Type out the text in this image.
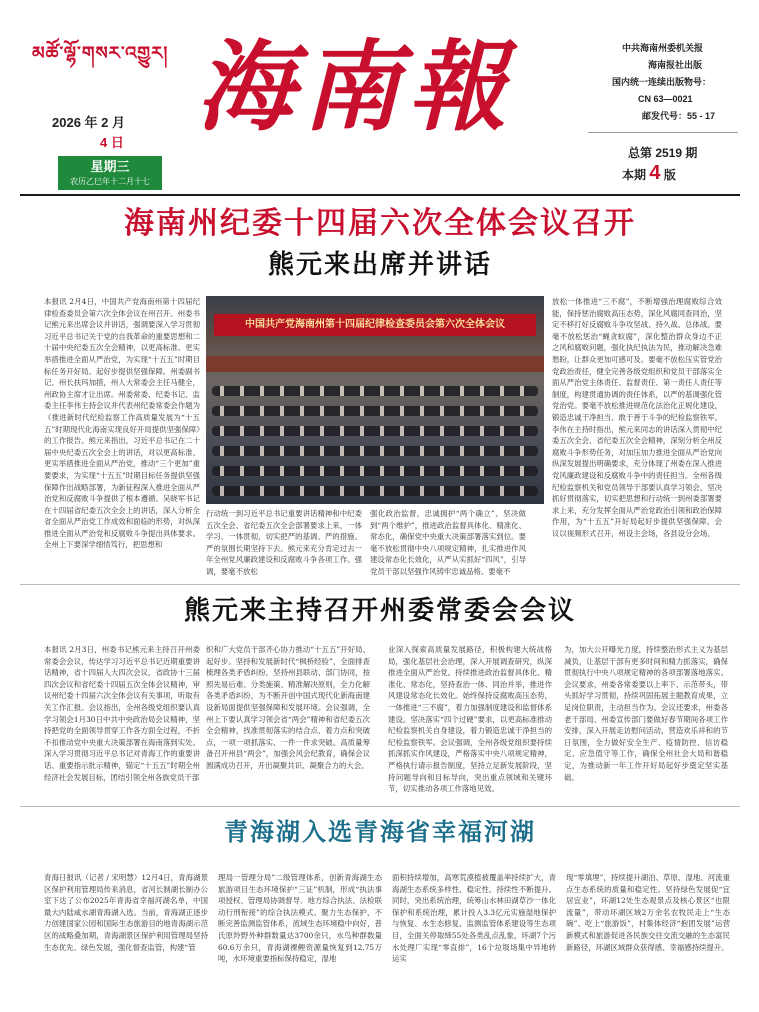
མཚོ་ལྷོ་གསར་འགྱུར། 海南報
2026 年 2 月
4 日
星期三
农历乙巳年十二月十七
中共海南州委机关报
海南报社出版
国内统一连续出版物号：
CN 63—0021
邮发代号：55 - 17
总第 2519 期
本期 4 版
海南州纪委十四届六次全体会议召开
熊元来出席并讲话
本报讯 2月4日，中国共产党海南州第十四届纪律检查委员会第六次全体会议在州召开。州委书记熊元来出席会议并讲话，强调要深入学习贯彻习近平总书记关于党的自我革命的重要思想和二十届中央纪委五次全会精神，以更高标准、更实举措推进全面从严治党，为实现“十五五”时期目标任务开好局、起好步提供坚强保障。州委副书记、州长扶玛加措，州人大常委会主任马健全，州政协主席才让出席。州委常委、纪委书记、监委主任李伟主持会议并代表州纪委常委会作题为《推进新时代纪检监察工作高质量发展为“十五五”时期现代化海南实现良好开局提供坚强保障》的工作报告。熊元来指出，习近平总书记在二十届中央纪委五次全会上的讲话，对以更高标准、更实举措推进全面从严治党，推动“三个更加”重要要求，为实现“十五五”时期目标任务提供坚强保障作出战略部署，为新征程深入推进全面从严治党和反腐败斗争提供了根本遵循。吴晓军书记在十四届省纪委五次全会上的讲话，深入分析全省全面从严治党工作成效和面临的形势，对纵深推进全面从严治党和反腐败斗争提出具体要求。全州上下要深学细悟笃行，把思想和
中国共产党海南州第十四届纪律检查委员会第六次全体会议
行动统一到习近平总书记重要讲话精神和中纪委五次全会、省纪委五次全会部署要求上来，一体学习、一体贯彻，切实把严的基调、严的措施、严的氛围长期坚持下去。熊元来充分肯定过去一年全州党风廉政建设和反腐败斗争各项工作。强调，要毫不放松
强化政治监督，忠诚拥护“两个确立”、坚决做到“两个维护”，推进政治监督具体化、精准化、常态化，确保党中央重大决策部署落实到位。要毫不放松贯彻中央八项规定精神，扎实推进作风建设常态化长效化，从严从实抓好“四风”，引导党员干部以坚强作风铸牢忠诚品格。要毫不
放松一体推进“三不腐”，不断增强治理腐败综合效能，保持惩治腐败高压态势，深化风腐同查同治，坚定不移打好反腐败斗争攻坚战、持久战、总体战。要毫不放松惩治“蝇贪蚁腐”，深化整治群众身边不正之风和腐败问题，强化执纪执法为民，推动解决急难愁盼，让群众更加可感可及。要毫不放松压实管党治党政治责任，健全完善各级党组织和党员干部落实全面从严治党主体责任、监督责任、第一责任人责任等制度，构建贯通协调的责任体系，以严的基调强化管党治党。要毫不放松推进规范化法治化正规化建设，锻造忠诚干净担当、敢于善于斗争的纪检监察铁军。李伟在主持时指出，熊元来同志的讲话深入贯彻中纪委五次全会、省纪委五次全会精神，深刻分析全州反腐败斗争形势任务，对加压加力推进全面从严治党向纵深发展提出明确要求，充分体现了州委在深入推进党风廉政建设和反腐败斗争中的责任担当。全州各级纪检监察机关和党员领导干部要认真学习领会，坚决抓好贯彻落实，切实把思想和行动统一到州委部署要求上来，充分发挥全面从严治党政治引领和政治保障作用，为“十五五”开好局起好步提供坚强保障。会议以视频形式召开，州设主会场，各县设分会场。
熊元来主持召开州委常委会会议
本报讯 2月3日，州委书记熊元来主持召开州委常委会会议，传达学习习近平总书记近期重要讲话精神，省十四届人大四次会议、省政协十三届四次会议和省纪委十四届五次全体会议精神，审议州纪委十四届六次全体会议有关事项，听取有关工作汇报。会议指出，全州各级党组织要认真学习领会1月30日中共中央政治局会议精神，坚持把党的全面领导贯穿工作各方面全过程，不折不扣推动党中央重大决策部署在海南落到实处。深入学习贯彻习近平总书记对青海工作的重要讲话、重要指示批示精神，锚定“十五五”时期全州经济社会发展目标，团结引领全州各族党员干部
织和广大党员干部齐心协力推动“十五五”开好局、起好步。坚持和发展新时代“枫桥经验”，全面排查梳理各类矛盾纠纷，坚持州县联动、部门协同，按照先易后难、分类施策、精准解决原则，全力化解各类矛盾纠纷，为不断开创中国式现代化新海南建设新局面提供坚强保障和发展环境。会议强调，全州上下要认真学习领会省“两会”精神和省纪委五次全会精神，找准贯彻落实的结合点、着力点和突破点，一项一项抓落实、一件一件求突破。高质量筹备召开州县“两会”，加强会风会纪教育，确保会议圆满成功召开，开出凝聚共识、凝聚合力的大会。
业深入探索高质量发展路径，积极构建大统战格局，强化基层社会治理，深入开展调查研究，纵深推进全面从严治党。持续推进政治监督具体化、精准化、常态化，坚持查治一体、同治并举，推进作风建设常态化长效化。始终保持反腐败高压态势，一体推进“三不腐”，着力加强制度建设和监督体系建设。坚决落实“四个过硬”要求，以更高标准推动纪检监察机关自身建设，着力锻造忠诚干净担当的纪检监察铁军。会议强调，全州各级党组织要持续抓深抓实作风建设，严格落实中央八项规定精神，严格执行请示报告制度，坚持立足新发展阶段，坚持问题导向和目标导向，突出重点领域和关键环节，切实推动各项工作落地见效。
为，加大公开曝光力度，持续整治形式主义为基层减负，让基层干部有更多时间和精力抓落实，确保贯彻执行中央八项规定精神的各项部署落地落实。会议要求，州委各常委要以上率下、示范带头，带头抓好学习贯彻，持续巩固拓展主题教育成果，立足岗位职责，主动担当作为。会议还要求，州委各老干部局、州委宣传部门要做好春节期间各项工作安排，深入开展走访慰问活动，营造欢乐祥和的节日氛围，全力做好安全生产、疫情防控、信访稳定、应急值守等工作，确保全州社会大局和谐稳定，为推动新一年工作开好局起好步奠定坚实基础。
青海湖入选青海省幸福河湖
青海日报讯（记者 / 宋明慧）12月4日，青海湖景区保护利用管理局传来消息，省河长制湖长制办公室下达了公布2025年青海省幸福河湖名单，中国最大内陆咸水湖青海湖入选。当前，青海湖正逐步力创建国家公园和国际生态旅游目的地青海湖示范区的战略叠加期，青海湖景区保护利用管理局坚持生态优先、绿色发展，强化督查监管，构建“管
理局一管理分局”二级管理体系，创新青海湖生态旅游项目生态环境保护“三证”机制，形成“执法事项授权、管理局协调督导、地方综合执法、法检联动行刑衔接”的综合执法模式。聚力生态保护，不断完善监测监管体系，流域生态环境稳中向好，普氏原羚野外种群数量达3700余只，水鸟种群数量60.6万余只，青海湖裸鲤资源量恢复到12.75万吨，水环境重要指标保持稳定，湿地
面积持续增加，高寒荒漠植被覆盖率持续扩大，青海湖生态系统多样性、稳定性、持续性不断提升。同时，突出系统治理，统筹山水林田湖草沙一体化保护和系统治理，累计投入3.3亿元实施湿地保护与恢复、水生态修复、监测监管体系建设等生态项目，全面关停取缔55处各类乱点乱象，环湖7个污水处理厂实现“零直排”，16个垃圾场集中异地转运实
现“零填埋”，持续提升湖泊、草原、湿地、河流重点生态系统的质量和稳定性。坚持绿色发展促“宜居宜业”，环湖12处生态观景点及核心景区“也限流量”，带动环湖区域2万余名农牧民走上“生态碗”、吃上“旅游饭”，村集体经济“抱团发展”运营新模式和旅游促进各民族交往交流交融的生态富民新路径，环湖区域群众获得感、幸福感持续提升。
